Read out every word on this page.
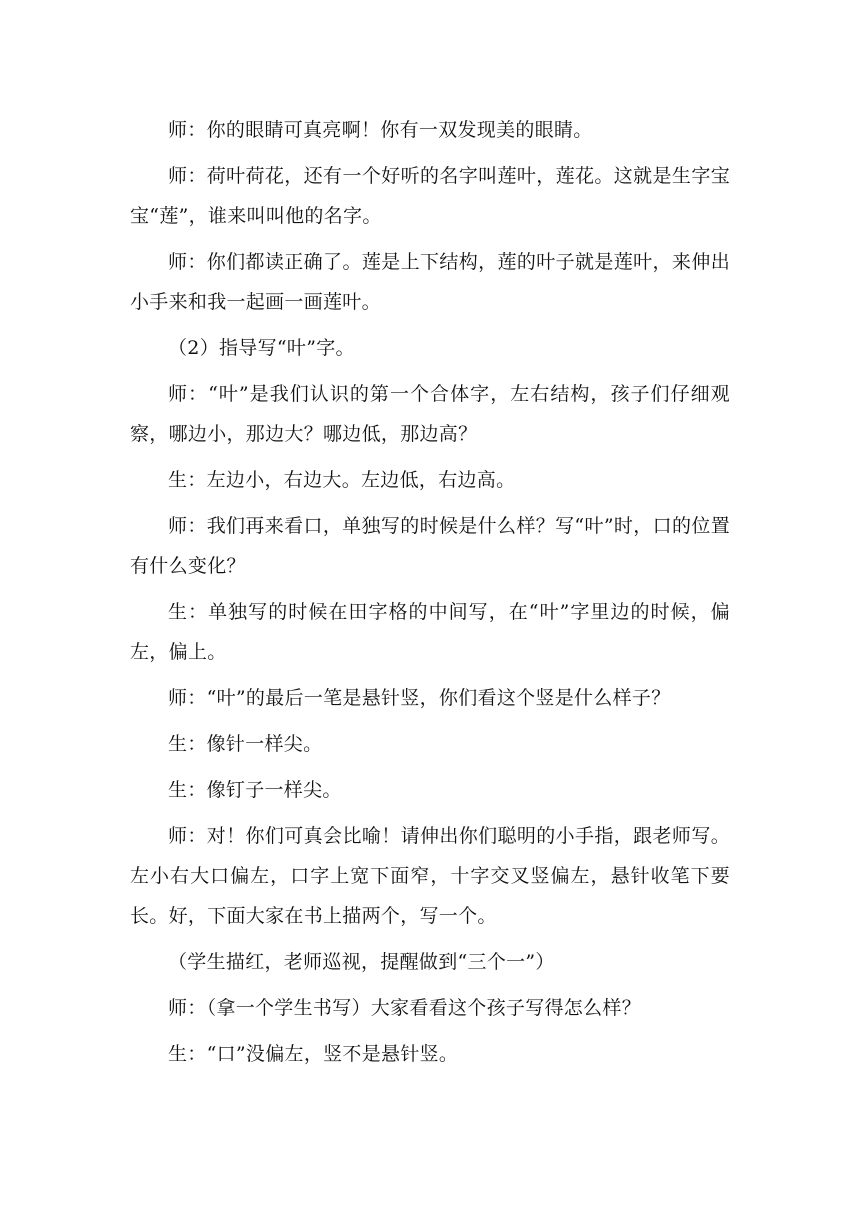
师：你的眼睛可真亮啊！你有一双发现美的眼睛。

师：荷叶荷花，还有一个好听的名字叫莲叶，莲花。这就是生字宝宝“莲”，谁来叫叫他的名字。

师：你们都读正确了。莲是上下结构，莲的叶子就是莲叶，来伸出小手来和我一起画一画莲叶。

（2）指导写“叶”字。

师：“叶”是我们认识的第一个合体字，左右结构，孩子们仔细观察，哪边小，那边大？哪边低，那边高？

生：左边小，右边大。左边低，右边高。

师：我们再来看口，单独写的时候是什么样？写“叶”时，口的位置有什么变化？

生：单独写的时候在田字格的中间写，在“叶”字里边的时候，偏左，偏上。

师：“叶”的最后一笔是悬针竖，你们看这个竖是什么样子？

生：像针一样尖。

生：像钉子一样尖。

师：对！你们可真会比喻！请伸出你们聪明的小手指，跟老师写。左小右大口偏左，口字上宽下面窄，十字交叉竖偏左，悬针收笔下要长。好，下面大家在书上描两个，写一个。

（学生描红，老师巡视，提醒做到“三个一”）

师：（拿一个学生书写）大家看看这个孩子写得怎么样？

生：“口”没偏左，竖不是悬针竖。
